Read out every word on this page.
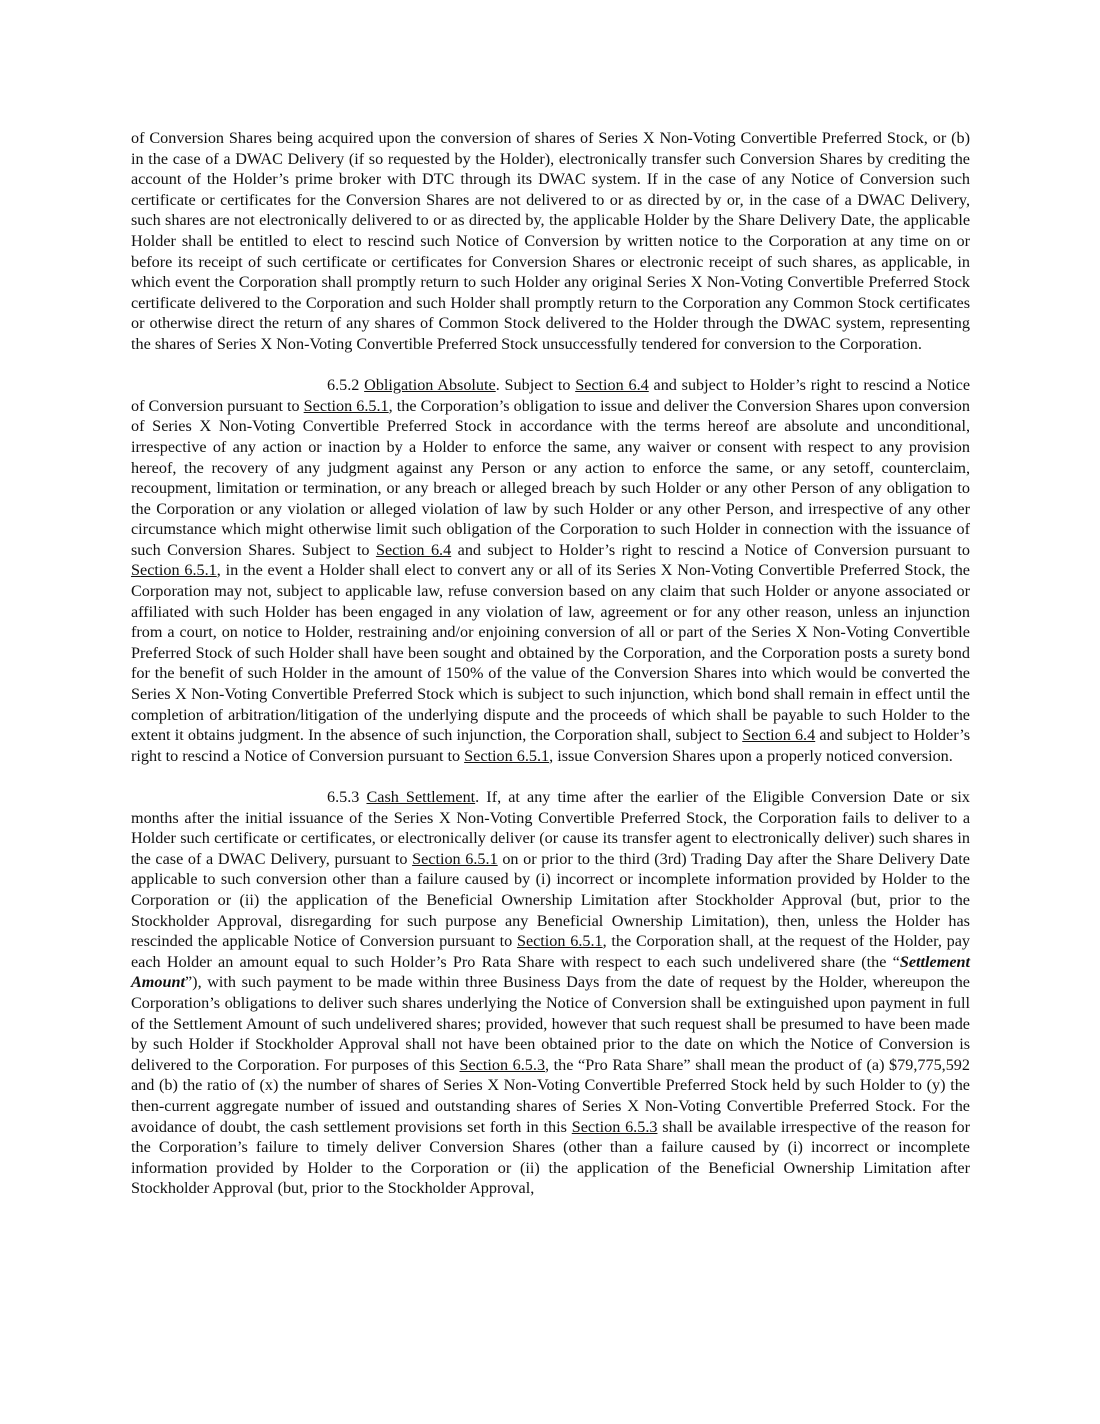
of Conversion Shares being acquired upon the conversion of shares of Series X Non-Voting Convertible Preferred Stock, or (b) in the case of a DWAC Delivery (if so requested by the Holder), electronically transfer such Conversion Shares by crediting the account of the Holder’s prime broker with DTC through its DWAC system. If in the case of any Notice of Conversion such certificate or certificates for the Conversion Shares are not delivered to or as directed by or, in the case of a DWAC Delivery, such shares are not electronically delivered to or as directed by, the applicable Holder by the Share Delivery Date, the applicable Holder shall be entitled to elect to rescind such Notice of Conversion by written notice to the Corporation at any time on or before its receipt of such certificate or certificates for Conversion Shares or electronic receipt of such shares, as applicable, in which event the Corporation shall promptly return to such Holder any original Series X Non-Voting Convertible Preferred Stock certificate delivered to the Corporation and such Holder shall promptly return to the Corporation any Common Stock certificates or otherwise direct the return of any shares of Common Stock delivered to the Holder through the DWAC system, representing the shares of Series X Non-Voting Convertible Preferred Stock unsuccessfully tendered for conversion to the Corporation.

6.5.2 Obligation Absolute. Subject to Section 6.4 and subject to Holder’s right to rescind a Notice of Conversion pursuant to Section 6.5.1, the Corporation’s obligation to issue and deliver the Conversion Shares upon conversion of Series X Non-Voting Convertible Preferred Stock in accordance with the terms hereof are absolute and unconditional, irrespective of any action or inaction by a Holder to enforce the same, any waiver or consent with respect to any provision hereof, the recovery of any judgment against any Person or any action to enforce the same, or any setoff, counterclaim, recoupment, limitation or termination, or any breach or alleged breach by such Holder or any other Person of any obligation to the Corporation or any violation or alleged violation of law by such Holder or any other Person, and irrespective of any other circumstance which might otherwise limit such obligation of the Corporation to such Holder in connection with the issuance of such Conversion Shares. Subject to Section 6.4 and subject to Holder’s right to rescind a Notice of Conversion pursuant to Section 6.5.1, in the event a Holder shall elect to convert any or all of its Series X Non-Voting Convertible Preferred Stock, the Corporation may not, subject to applicable law, refuse conversion based on any claim that such Holder or anyone associated or affiliated with such Holder has been engaged in any violation of law, agreement or for any other reason, unless an injunction from a court, on notice to Holder, restraining and/or enjoining conversion of all or part of the Series X Non-Voting Convertible Preferred Stock of such Holder shall have been sought and obtained by the Corporation, and the Corporation posts a surety bond for the benefit of such Holder in the amount of 150% of the value of the Conversion Shares into which would be converted the Series X Non-Voting Convertible Preferred Stock which is subject to such injunction, which bond shall remain in effect until the completion of arbitration/litigation of the underlying dispute and the proceeds of which shall be payable to such Holder to the extent it obtains judgment. In the absence of such injunction, the Corporation shall, subject to Section 6.4 and subject to Holder’s right to rescind a Notice of Conversion pursuant to Section 6.5.1, issue Conversion Shares upon a properly noticed conversion.

6.5.3 Cash Settlement. If, at any time after the earlier of the Eligible Conversion Date or six months after the initial issuance of the Series X Non-Voting Convertible Preferred Stock, the Corporation fails to deliver to a Holder such certificate or certificates, or electronically deliver (or cause its transfer agent to electronically deliver) such shares in the case of a DWAC Delivery, pursuant to Section 6.5.1 on or prior to the third (3rd) Trading Day after the Share Delivery Date applicable to such conversion other than a failure caused by (i) incorrect or incomplete information provided by Holder to the Corporation or (ii) the application of the Beneficial Ownership Limitation after Stockholder Approval (but, prior to the Stockholder Approval, disregarding for such purpose any Beneficial Ownership Limitation), then, unless the Holder has rescinded the applicable Notice of Conversion pursuant to Section 6.5.1, the Corporation shall, at the request of the Holder, pay each Holder an amount equal to such Holder’s Pro Rata Share with respect to each such undelivered share (the “Settlement Amount”), with such payment to be made within three Business Days from the date of request by the Holder, whereupon the Corporation’s obligations to deliver such shares underlying the Notice of Conversion shall be extinguished upon payment in full of the Settlement Amount of such undelivered shares; provided, however that such request shall be presumed to have been made by such Holder if Stockholder Approval shall not have been obtained prior to the date on which the Notice of Conversion is delivered to the Corporation. For purposes of this Section 6.5.3, the “Pro Rata Share” shall mean the product of (a) $79,775,592 and (b) the ratio of (x) the number of shares of Series X Non-Voting Convertible Preferred Stock held by such Holder to (y) the then-current aggregate number of issued and outstanding shares of Series X Non-Voting Convertible Preferred Stock. For the avoidance of doubt, the cash settlement provisions set forth in this Section 6.5.3 shall be available irrespective of the reason for the Corporation’s failure to timely deliver Conversion Shares (other than a failure caused by (i) incorrect or incomplete information provided by Holder to the Corporation or (ii) the application of the Beneficial Ownership Limitation after Stockholder Approval (but, prior to the Stockholder Approval,
